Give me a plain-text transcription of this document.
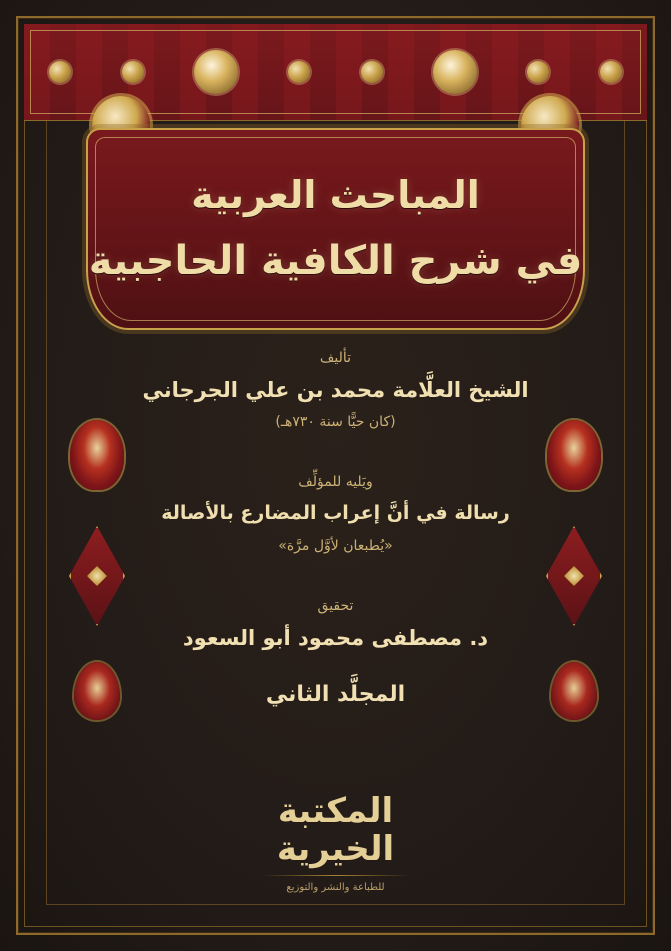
المباحث العربية
في شرح الكافية الحاجبية
تأليف
الشيخ العلَّامة محمد بن علي الجرجاني
(كان حيًّا سنة ٧٣٠هـ)
ويَليه للمؤلِّف
رسالة في أنَّ إعراب المضارع بالأصالة
«يُطبعان لأوَّل مرَّة»
تحقيق
د. مصطفى محمود أبو السعود
المجلَّد الثاني
المكتبة
الخيرية
للطباعة والنشر والتوزيع
